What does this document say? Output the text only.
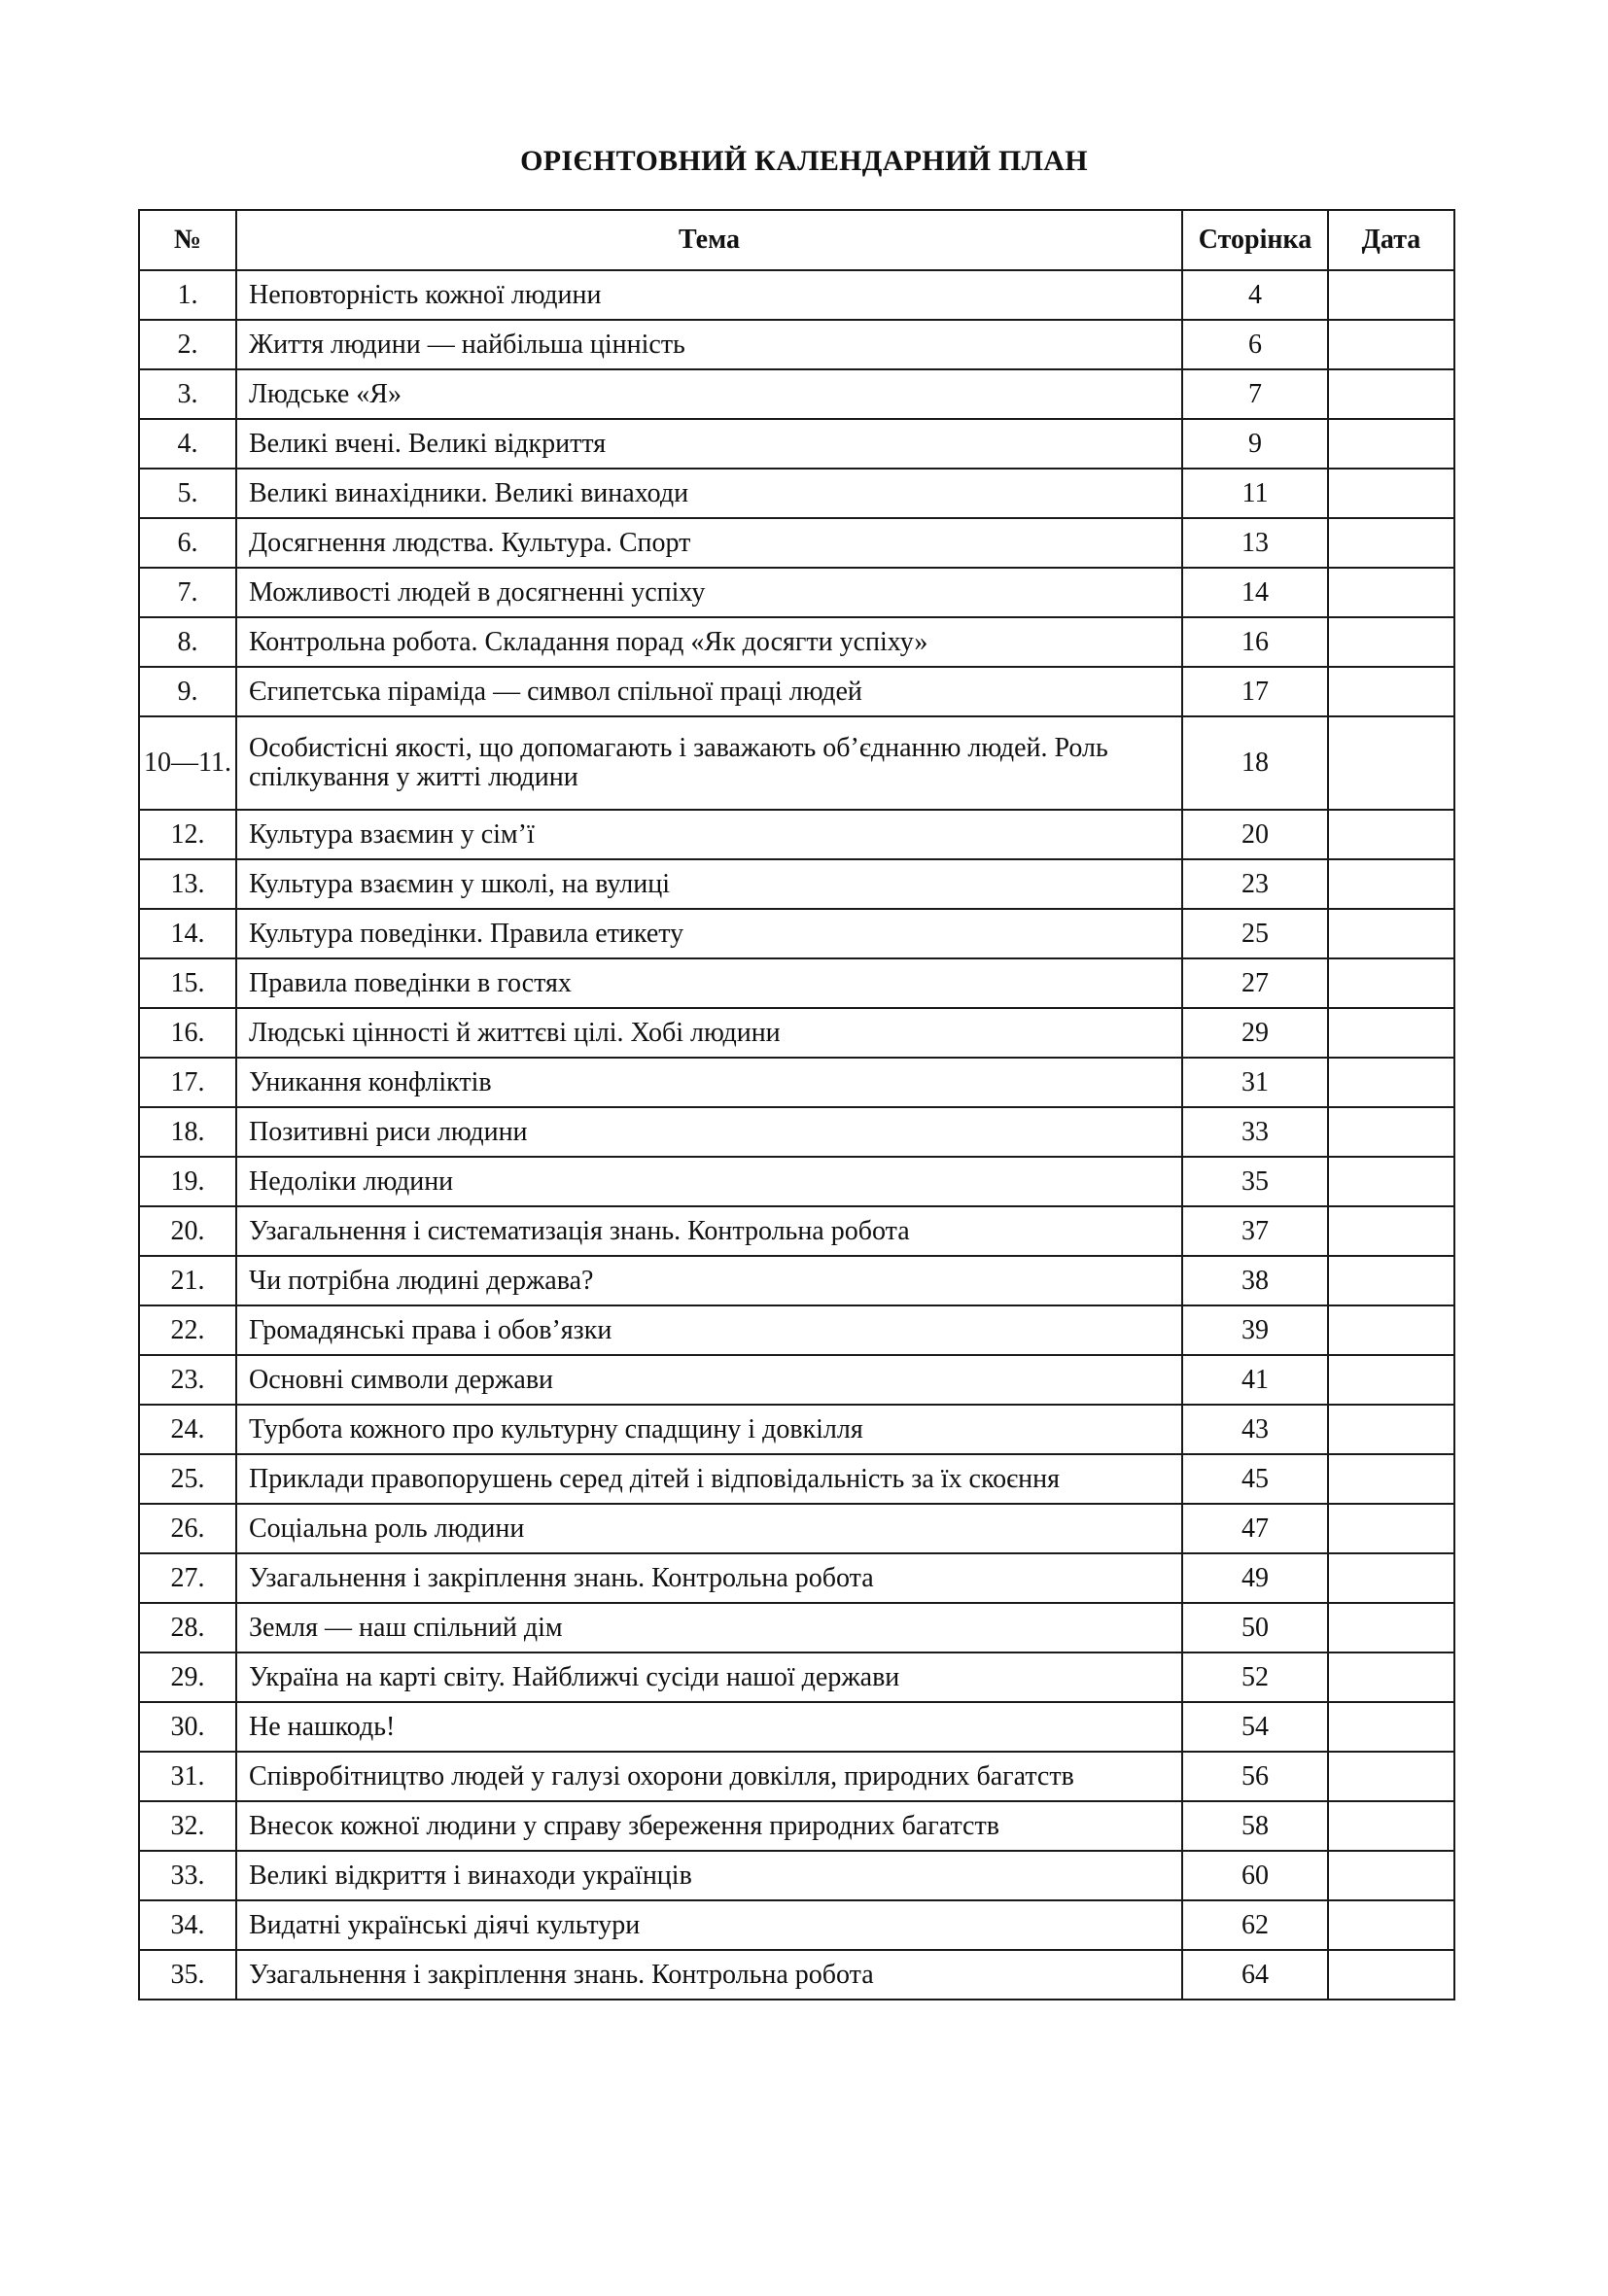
ОРІЄНТОВНИЙ КАЛЕНДАРНИЙ ПЛАН
№	Тема	Сторінка	Дата
1.	Неповторність кожної людини	4	
2.	Життя людини — найбільша цінність	6	
3.	Людське «Я»	7	
4.	Великі вчені. Великі відкриття	9	
5.	Великі винахідники. Великі винаходи	11	
6.	Досягнення людства. Культура. Спорт	13	
7.	Можливості людей в досягненні успіху	14	
8.	Контрольна робота. Складання порад «Як досягти успіху»	16	
9.	Єгипетська піраміда — символ спільної праці людей	17	
10—11.	Особистісні якості, що допомагають і заважають об’єднанню людей. Роль спілкування у житті людини	18	
12.	Культура взаємин у сім’ї	20	
13.	Культура взаємин у школі, на вулиці	23	
14.	Культура поведінки. Правила етикету	25	
15.	Правила поведінки в гостях	27	
16.	Людські цінності й життєві цілі. Хобі людини	29	
17.	Уникання конфліктів	31	
18.	Позитивні риси людини	33	
19.	Недоліки людини	35	
20.	Узагальнення і систематизація знань. Контрольна робота	37	
21.	Чи потрібна людині держава?	38	
22.	Громадянські права і обов’язки	39	
23.	Основні символи держави	41	
24.	Турбота кожного про культурну спадщину і довкілля	43	
25.	Приклади правопорушень серед дітей і відповідальність за їх скоєння	45	
26.	Соціальна роль людини	47	
27.	Узагальнення і закріплення знань. Контрольна робота	49	
28.	Земля — наш спільний дім	50	
29.	Україна на карті світу. Найближчі сусіди нашої держави	52	
30.	Не нашкодь!	54	
31.	Співробітництво людей у галузі охорони довкілля, природних багатств	56	
32.	Внесок кожної людини у справу збереження природних багатств	58	
33.	Великі відкриття і винаходи українців	60	
34.	Видатні українські діячі культури	62	
35.	Узагальнення і закріплення знань. Контрольна робота	64	
